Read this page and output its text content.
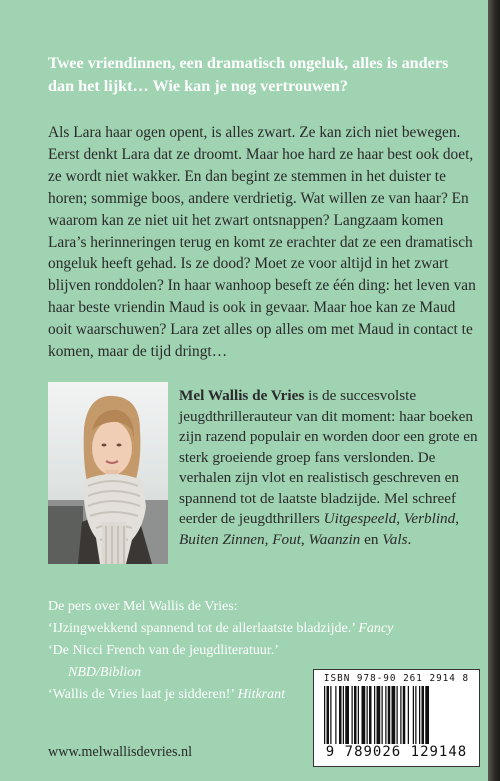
Twee vriendinnen, een dramatisch ongeluk, alles is anders dan het lijkt… Wie kan je nog vertrouwen?

Als Lara haar ogen opent, is alles zwart. Ze kan zich niet bewegen. Eerst denkt Lara dat ze droomt. Maar hoe hard ze haar best ook doet, ze wordt niet wakker. En dan begint ze stemmen in het duister te horen; sommige boos, andere verdrietig. Wat willen ze van haar? En waarom kan ze niet uit het zwart ontsnappen? Langzaam komen Lara’s herinneringen terug en komt ze erachter dat ze een dramatisch ongeluk heeft gehad. Is ze dood? Moet ze voor altijd in het zwart blijven ronddolen? In haar wanhoop beseft ze één ding: het leven van haar beste vriendin Maud is ook in gevaar. Maar hoe kan ze Maud ooit waarschuwen? Lara zet alles op alles om met Maud in contact te komen, maar de tijd dringt…

Mel Wallis de Vries is de succesvolste jeugdthrillerauteur van dit moment: haar boeken zijn razend populair en worden door een grote en sterk groeiende groep fans verslonden. De verhalen zijn vlot en realistisch geschreven en spannend tot de laatste bladzijde. Mel schreef eerder de jeugdthrillers Uitgespeeld, Verblind, Buiten Zinnen, Fout, Waanzin en Vals.
De pers over Mel Wallis de Vries:
‘IJzingwekkend spannend tot de allerlaatste bladzijde.’ Fancy
‘De Nicci French van de jeugdliteratuur.’
NBD/Biblion
‘Wallis de Vries laat je sidderen!’ Hitkrant
www.melwallisdevries.nl
ISBN 978-90 261 2914 8
9 789026 129148
